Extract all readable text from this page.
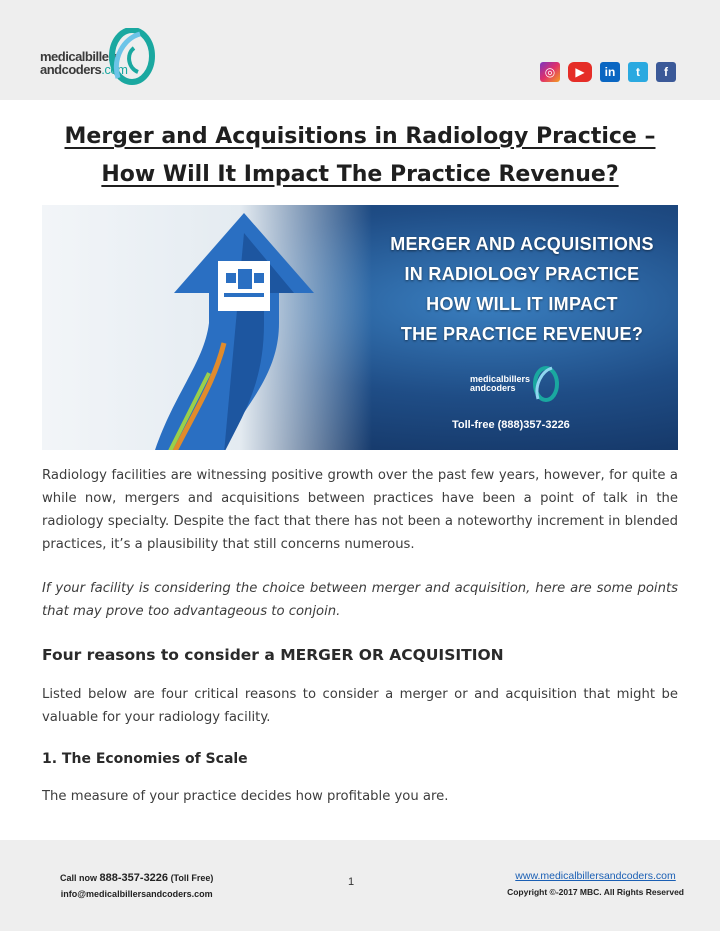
medicalbillers
andcoders.com	◎	▶	in	t	f
Merger and Acquisitions in Radiology Practice –
How Will It Impact The Practice Revenue?
MERGER AND ACQUISITIONS
IN RADIOLOGY PRACTICE
HOW WILL IT IMPACT
THE PRACTICE REVENUE?
medicalbillers
andcoders
Toll-free (888)357-3226

Radiology facilities are witnessing positive growth over the past few years, however, for quite a while now, mergers and acquisitions between practices have been a point of talk in the radiology specialty. Despite the fact that there has not been a noteworthy increment in blended practices, it’s a plausibility that still concerns numerous.

If your facility is considering the choice between merger and acquisition, here are some points that may prove too advantageous to conjoin.

Four reasons to consider a MERGER OR ACQUISITION

Listed below are four critical reasons to consider a merger or and acquisition that might be valuable for your radiology facility.

1. The Economies of Scale

The measure of your practice decides how profitable you are.

Call now 888-357-3226 (Toll Free)
info@medicalbillersandcoders.com
1	www.medicalbillersandcoders.com
Copyright ©-2017 MBC. All Rights Reserved
